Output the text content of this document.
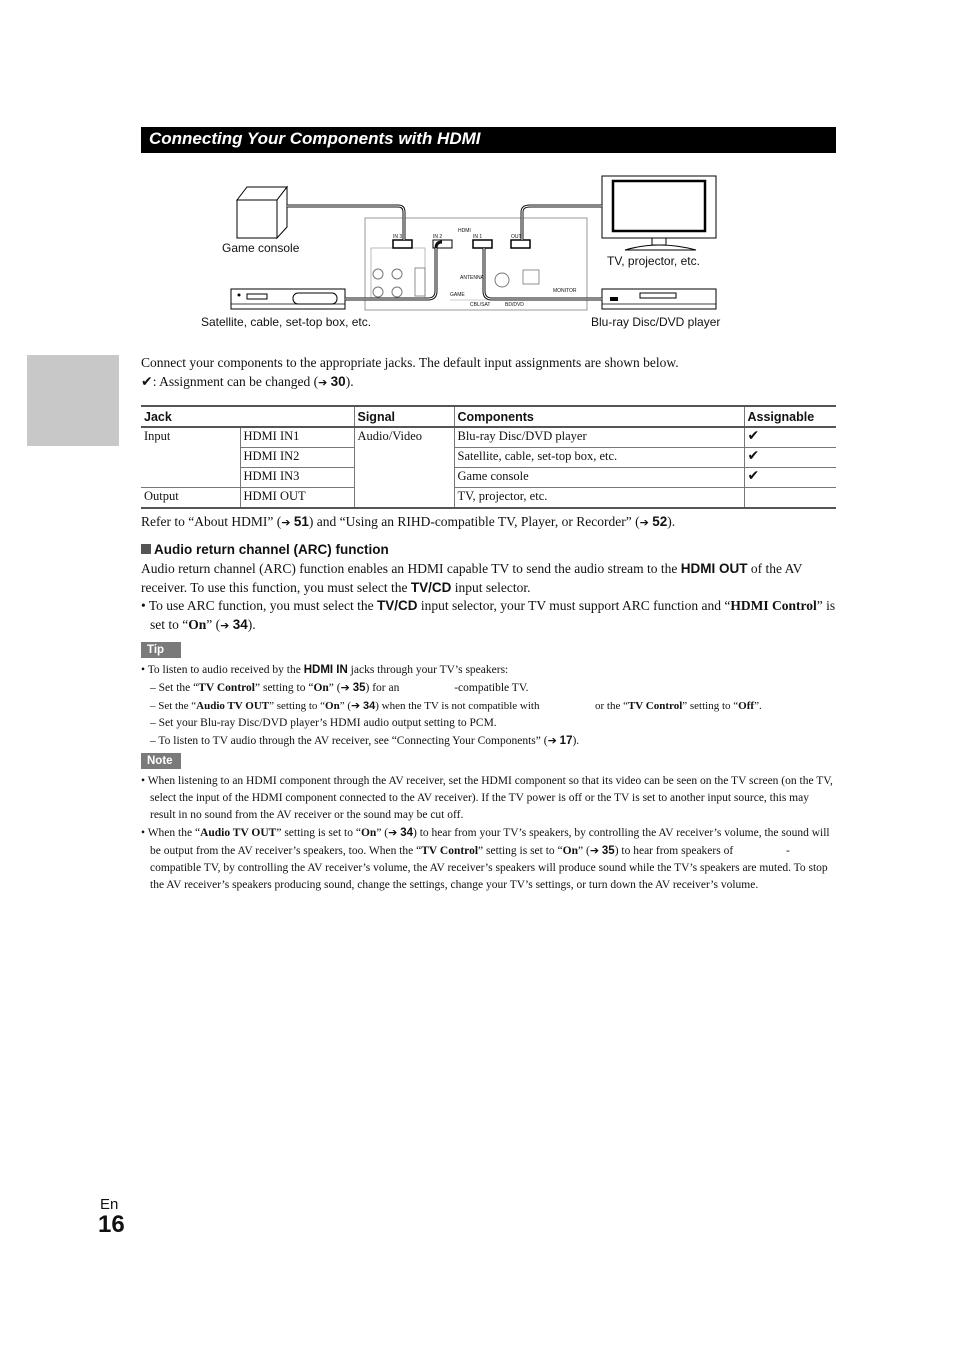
Connecting Your Components with HDMI
HDMI
IN 3	IN 2	IN 1	OUT
ANTENNA
MONITOR
GAME
CBL/SAT	BD/DVD
Game console
TV, projector, etc.
Satellite, cable, set-top box, etc.	Blu-ray Disc/DVD player
Connect your components to the appropriate jacks. The default input assignments are shown below.
✔: Assignment can be changed (➔ 30).
Jack		Signal	Components	Assignable
Input	HDMI IN1	Audio/Video	Blu-ray Disc/DVD player	✔
	HDMI IN2		Satellite, cable, set-top box, etc.	✔
	HDMI IN3		Game console	✔
Output	HDMI OUT		TV, projector, etc.	
Refer to “About HDMI” (➔ 51) and “Using an RIHD-compatible TV, Player, or Recorder” (➔ 52).
Audio return channel (ARC) function
Audio return channel (ARC) function enables an HDMI capable TV to send the audio stream to the HDMI OUT of the AV receiver. To use this function, you must select the TV/CD input selector.
• To use ARC function, you must select the TV/CD input selector, your TV must support ARC function and “HDMI Control” is set to “On” (➔ 34).
Tip
• To listen to audio received by the HDMI IN jacks through your TV’s speakers:
– Set the “TV Control” setting to “On” (➔ 35) for an	-compatible TV.
– Set the “Audio TV OUT” setting to “On” (➔ 34) when the TV is not compatible with	or the “TV Control” setting to “Off”.
– Set your Blu-ray Disc/DVD player’s HDMI audio output setting to PCM.
– To listen to TV audio through the AV receiver, see “Connecting Your Components” (➔ 17).
Note
• When listening to an HDMI component through the AV receiver, set the HDMI component so that its video can be seen on the TV screen (on the TV, select the input of the HDMI component connected to the AV receiver). If the TV power is off or the TV is set to another input source, this may result in no sound from the AV receiver or the sound may be cut off.
• When the “Audio TV OUT” setting is set to “On” (➔ 34) to hear from your TV’s speakers, by controlling the AV receiver’s volume, the sound will be output from the AV receiver’s speakers, too. When the “TV Control” setting is set to “On” (➔ 35) to hear from speakers of	-compatible TV, by controlling the AV receiver’s volume, the AV receiver’s speakers will produce sound while the TV’s speakers are muted. To stop the AV receiver’s speakers producing sound, change the settings, change your TV’s settings, or turn down the AV receiver’s volume.
En
16
